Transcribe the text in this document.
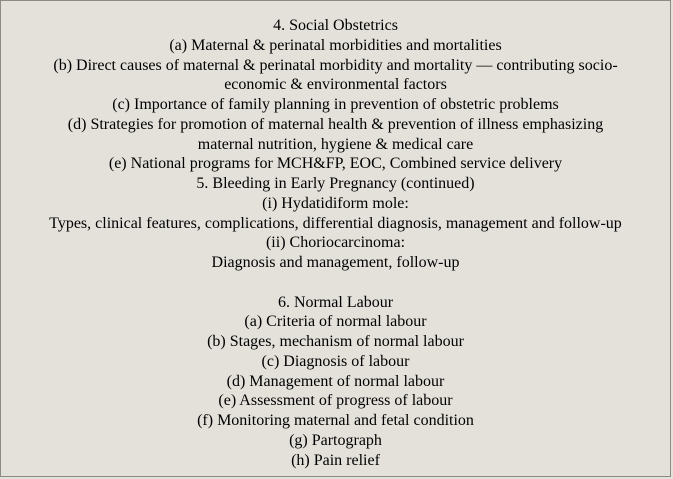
4. Social Obstetrics
(a) Maternal & perinatal morbidities and mortalities
(b) Direct causes of maternal & perinatal morbidity and mortality — contributing socio-
economic & environmental factors
(c) Importance of family planning in prevention of obstetric problems
(d) Strategies for promotion of maternal health & prevention of illness emphasizing
maternal nutrition, hygiene & medical care
(e) National programs for MCH&FP, EOC, Combined service delivery
5. Bleeding in Early Pregnancy (continued)
(i) Hydatidiform mole:
Types, clinical features, complications, differential diagnosis, management and follow-up
(ii) Choriocarcinoma:
Diagnosis and management, follow-up
6. Normal Labour
(a) Criteria of normal labour
(b) Stages, mechanism of normal labour
(c) Diagnosis of labour
(d) Management of normal labour
(e) Assessment of progress of labour
(f) Monitoring maternal and fetal condition
(g) Partograph
(h) Pain relief
